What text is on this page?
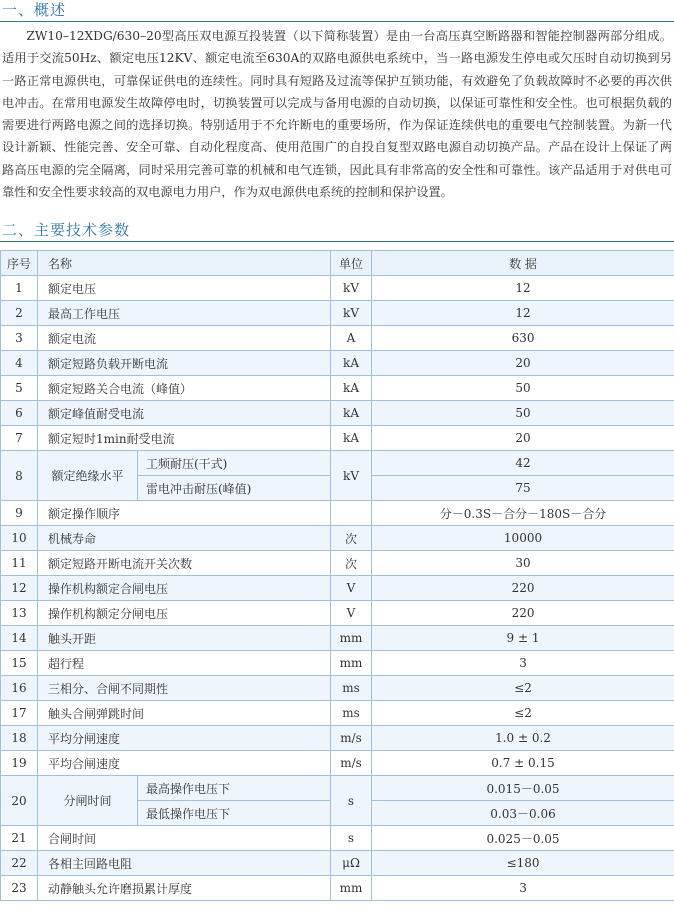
一、概述

ZW10–12XDG/630–20型高压双电源互投装置（以下简称装置）是由一台高压真空断路器和智能控制器两部分组成。适用于交流50Hz、额定电压12KV、额定电流至630A的双路电源供电系统中，当一路电源发生停电或欠压时自动切换到另一路正常电源供电，可靠保证供电的连续性。同时具有短路及过流等保护互锁功能，有效避免了负载故障时不必要的再次供电冲击。在常用电源发生故障停电时，切换装置可以完成与备用电源的自动切换，以保证可靠性和安全性。也可根据负载的需要进行两路电源之间的选择切换。特别适用于不允许断电的重要场所，作为保证连续供电的重要电气控制装置。为新一代设计新颖、性能完善、安全可靠、自动化程度高、使用范围广的自投自复型双路电源自动切换产品。产品在设计上保证了两路高压电源的完全隔离，同时采用完善可靠的机械和电气连锁，因此具有非常高的安全性和可靠性。该产品适用于对供电可靠性和安全性要求较高的双电源电力用户，作为双电源供电系统的控制和保护设置。

二、主要技术参数
序号	名称		单位	数 据
1	额定电压		kV	12
2	最高工作电压		kV	12
3	额定电流		A	630
4	额定短路负载开断电流		kA	20
5	额定短路关合电流（峰值）		kA	50
6	额定峰值耐受电流		kA	50
7	额定短时1min耐受电流		kA	20
8	额定绝缘水平	工频耐压(干式)	kV	42
		雷电冲击耐压(峰值)		75
9	额定操作顺序			分－0.3S－合分－180S－合分
10	机械寿命		次	10000
11	额定短路开断电流开关次数		次	30
12	操作机构额定合闸电压		V	220
13	操作机构额定分闸电压		V	220
14	触头开距		mm	9 ± 1
15	超行程		mm	3
16	三相分、合闸不同期性		ms	≤2
17	触头合闸弹跳时间		ms	≤2
18	平均分闸速度		m/s	1.0 ± 0.2
19	平均合闸速度		m/s	0.7 ± 0.15
20	分闸时间	最高操作电压下	s	0.015－0.05
		最低操作电压下		0.03－0.06
21	合闸时间		s	0.025－0.05
22	各相主回路电阻		μΩ	≤180
23	动静触头允许磨损累计厚度		mm	3
